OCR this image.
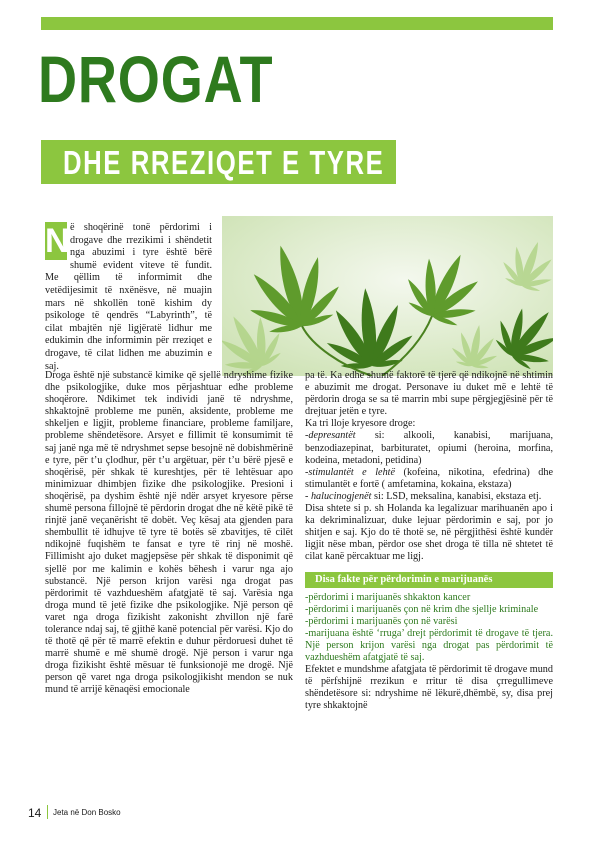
DROGAT
DHE RREZIQET E TYRE
N ë shoqërinë tonë përdorimi i drogave dhe rrezikimi i shëndetit nga abuzimi i tyre është bërë shumë evident viteve të fundit. Me qëllim të informimit dhe vetëdijesimit të nxënësve, në muajin mars në shkollën tonë kishim dy psikologe të qendrës “Labyrinth”, të cilat mbajtën një ligjëratë lidhur me edukimin dhe informimin për rreziqet e drogave, të cilat lidhen me abuzimin e saj.

Droga është një substancë kimike që sjellë ndryshime fizike dhe psikologjike, duke mos përjashtuar edhe probleme shoqërore. Ndikimet tek individi janë të ndryshme, shkaktojnë probleme me punën, aksidente, probleme me shkeljen e ligjit, probleme financiare, probleme familjare, probleme shëndetësore. Arsyet e fillimit të konsumimit të saj janë nga më të ndryshmet sepse besojnë në dobishmërinë e tyre, për t’u çlodhur, për t’u argëtuar, për t’u bërë pjesë e shoqërisë, për shkak të kureshtjes, për të lehtësuar apo minimizuar dhimbjen fizike dhe psikologjike. Presioni i shoqërisë, pa dyshim është një ndër arsyet kryesore përse shumë persona fillojnë të përdorin drogat dhe në këtë pikë të rinjtë janë veçanërisht të dobët. Veç kësaj ata gjenden para shembullit të idhujve të tyre të botës së zbavitjes, të cilët ndikojnë fuqishëm te fansat e tyre të rinj në moshë. Fillimisht ajo duket magjepsëse për shkak të disponimit që sjellë por me kalimin e kohës bëhesh i varur nga ajo substancë. Një person krijon varësi nga drogat pas përdorimit të vazhdueshëm afatgjatë të saj. Varësia nga droga mund të jetë fizike dhe psikologjike. Një person që varet nga droga fizikisht zakonisht zhvillon një farë tolerance ndaj saj, të gjithë kanë potencial për varësi. Kjo do të thotë që për të marrë efektin e duhur përdoruesi duhet të marrë shumë e më shumë drogë. Një person i varur nga droga fizikisht është mësuar të funksionojë me drogë. Një person që varet nga droga psikologjikisht mendon se nuk mund të arrijë kënaqësi emocionale

pa të. Ka edhe shumë faktorë të tjerë që ndikojnë në shtimin e abuzimit me drogat. Personave iu duket më e lehtë të përdorin droga se sa të marrin mbi supe përgjegjësinë për të drejtuar jetën e tyre.

Ka tri lloje kryesore droge:
-depresantët si: alkooli, kanabisi, marijuana, benzodiazepinat, barbituratet, opiumi (heroina, morfina, kodeina, metadoni, petidina)
-stimulantët e lehtë (kofeina, nikotina, efedrina) dhe stimulantët e fortë ( amfetamina, kokaina, ekstaza)
- halucinogjenët si: LSD, meksalina, kanabisi, ekstaza etj.

Disa shtete si p. sh Holanda ka legalizuar marihuanën apo i ka dekriminalizuar, duke lejuar përdorimin e saj, por jo shitjen e saj. Kjo do të thotë se, në përgjithësi është kundër ligjit nëse mban, përdor ose shet droga të tilla në shtetet të cilat kanë përcaktuar me ligj.

Disa fakte për përdorimin e marijuanës
-përdorimi i marijuanës shkakton kancer
-përdorimi i marijuanës çon në krim dhe sjellje kriminale
-përdorimi i marijuanës çon në varësi
-marijuana është ‘rruga’ drejt përdorimit të drogave të tjera. Një person krijon varësi nga drogat pas përdorimit të vazhdueshëm afatgjatë të saj.

Efektet e mundshme afatgjata të përdorimit të drogave mund të përfshijnë rrezikun e rritur të disa çrregullimeve shëndetësore si: ndryshime në lëkurë,dhëmbë, sy, disa prej tyre shkaktojnë

14 Jeta në Don Bosko
